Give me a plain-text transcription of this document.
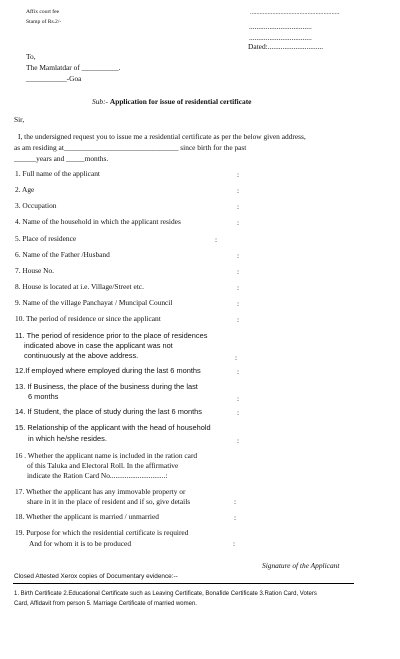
Affix court fee
Stamp of Rs.2/-
........................................................
..................................
..................................
Dated:..............................
To,
The Mamlatdar of __________.
___________-Goa
Sub:- Application for issue of residential certificate
Sir,
I, the undersigned request you to issue me a residential certificate as per the below given address,
as am residing at_______________________________ since birth for the past
______years and _____months.
1. Full name of the applicant	:
2. Age	:
3. Occupation	:
4. Name of the household in which the applicant resides	:
5. Place of residence	:
6. Name of the Father /Husband	:
7. House No.	:
8. House is located at i.e. Village/Street etc.	:
9. Name of the village Panchayat / Muncipal Council	:
10. The period of residence or since the applicant	:
11. The period of residence prior to the place of residences
indicated above in case the applicant was not
continuously at the above address.	:
12.If employed where employed during the last 6 months	:
13. If Business, the place of the business during the last
6 months	:
14. If Student, the place of study during the last 6 months	:
15. Relationship of the applicant with the head of household
in which he/she resides.	:
16 . Whether the applicant name is included in the ration card
of this Taluka and Electoral Roll. In the affirmative
indicate the Ration Card No..............................:
17. Whether the applicant has any immovable property or
share in it in the place of resident and if so, give details	:
18. Whether the applicant is married / unmarried	:
19. Purpose for which the residential certificate is required
And for whom it is to be produced	:
Signature of the Applicant
Closed Attested Xerox copies of Documentary evidence:--
1. Birth Certificate 2.Educational Certificate such as Leaving Certificate, Bonafide Certificate 3.Ration Card, Voters
Card, Affidavit from person 5. Marriage Certificate of married women.
